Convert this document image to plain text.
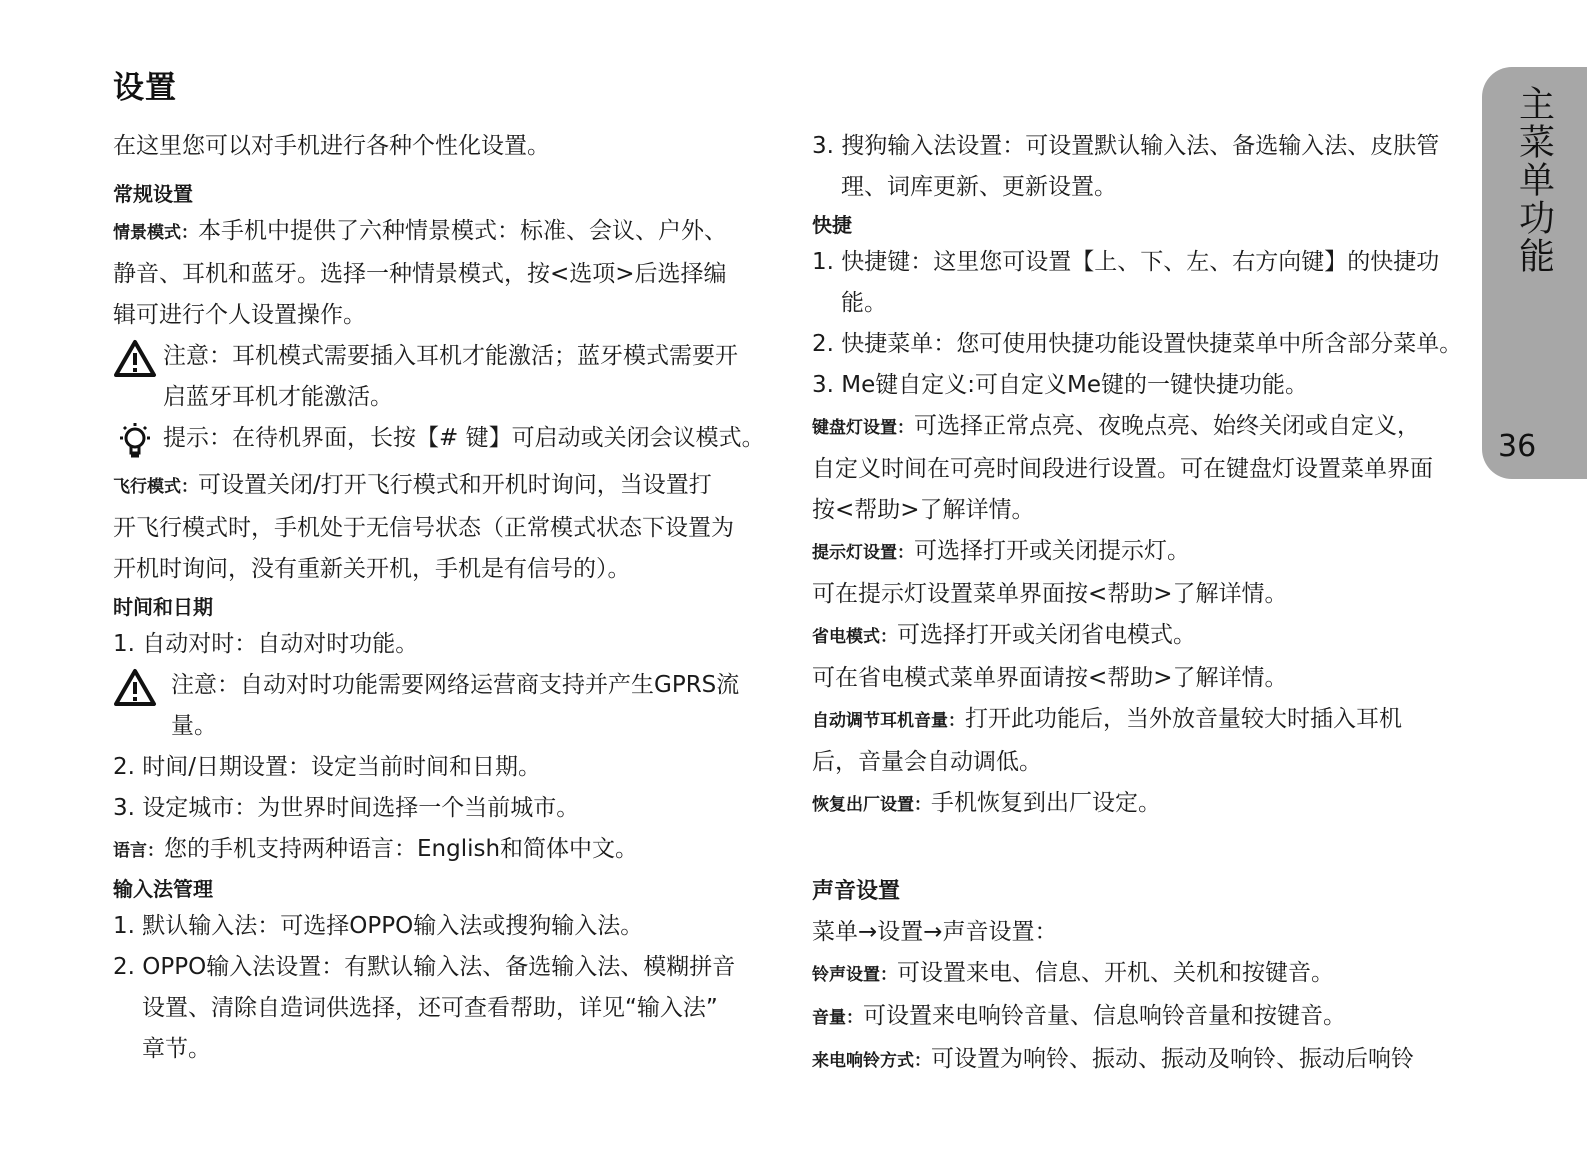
设置
在这里您可以对手机进行各种个性化设置。
常规设置
情景模式：本手机中提供了六种情景模式：标准、会议、户外、
静音、耳机和蓝牙。选择一种情景模式，按<选项>后选择编
辑可进行个人设置操作。
注意：耳机模式需要插入耳机才能激活；蓝牙模式需要开
启蓝牙耳机才能激活。
提示：在待机界面，长按【# 键】可启动或关闭会议模式。
飞行模式：可设置关闭/打开飞行模式和开机时询问，当设置打
开飞行模式时，手机处于无信号状态（正常模式状态下设置为
开机时询问，没有重新关开机，手机是有信号的）。
时间和日期
1. 自动对时：自动对时功能。
注意：自动对时功能需要网络运营商支持并产生GPRS流
量。
2. 时间/日期设置：设定当前时间和日期。
3. 设定城市：为世界时间选择一个当前城市。
语言：您的手机支持两种语言：English和简体中文。
输入法管理
1. 默认输入法：可选择OPPO输入法或搜狗输入法。
2. OPPO输入法设置：有默认输入法、备选输入法、模糊拼音
设置、清除自造词供选择，还可查看帮助，详见“输入法”
章节。
3. 搜狗输入法设置：可设置默认输入法、备选输入法、皮肤管
理、词库更新、更新设置。
快捷
1. 快捷键：这里您可设置【上、下、左、右方向键】的快捷功
能。
2. 快捷菜单：您可使用快捷功能设置快捷菜单中所含部分菜单。
3. Me键自定义:可自定义Me键的一键快捷功能。
键盘灯设置：可选择正常点亮、夜晚点亮、始终关闭或自定义，
自定义时间在可亮时间段进行设置。可在键盘灯设置菜单界面
按<帮助>了解详情。
提示灯设置：可选择打开或关闭提示灯。
可在提示灯设置菜单界面按<帮助>了解详情。
省电模式：可选择打开或关闭省电模式。
可在省电模式菜单界面请按<帮助>了解详情。
自动调节耳机音量：打开此功能后，当外放音量较大时插入耳机
后，音量会自动调低。
恢复出厂设置：手机恢复到出厂设定。
声音设置
菜单→设置→声音设置：
铃声设置：可设置来电、信息、开机、关机和按键音。
音量：可设置来电响铃音量、信息响铃音量和按键音。
来电响铃方式：可设置为响铃、振动、振动及响铃、振动后响铃
主菜单功能
36
